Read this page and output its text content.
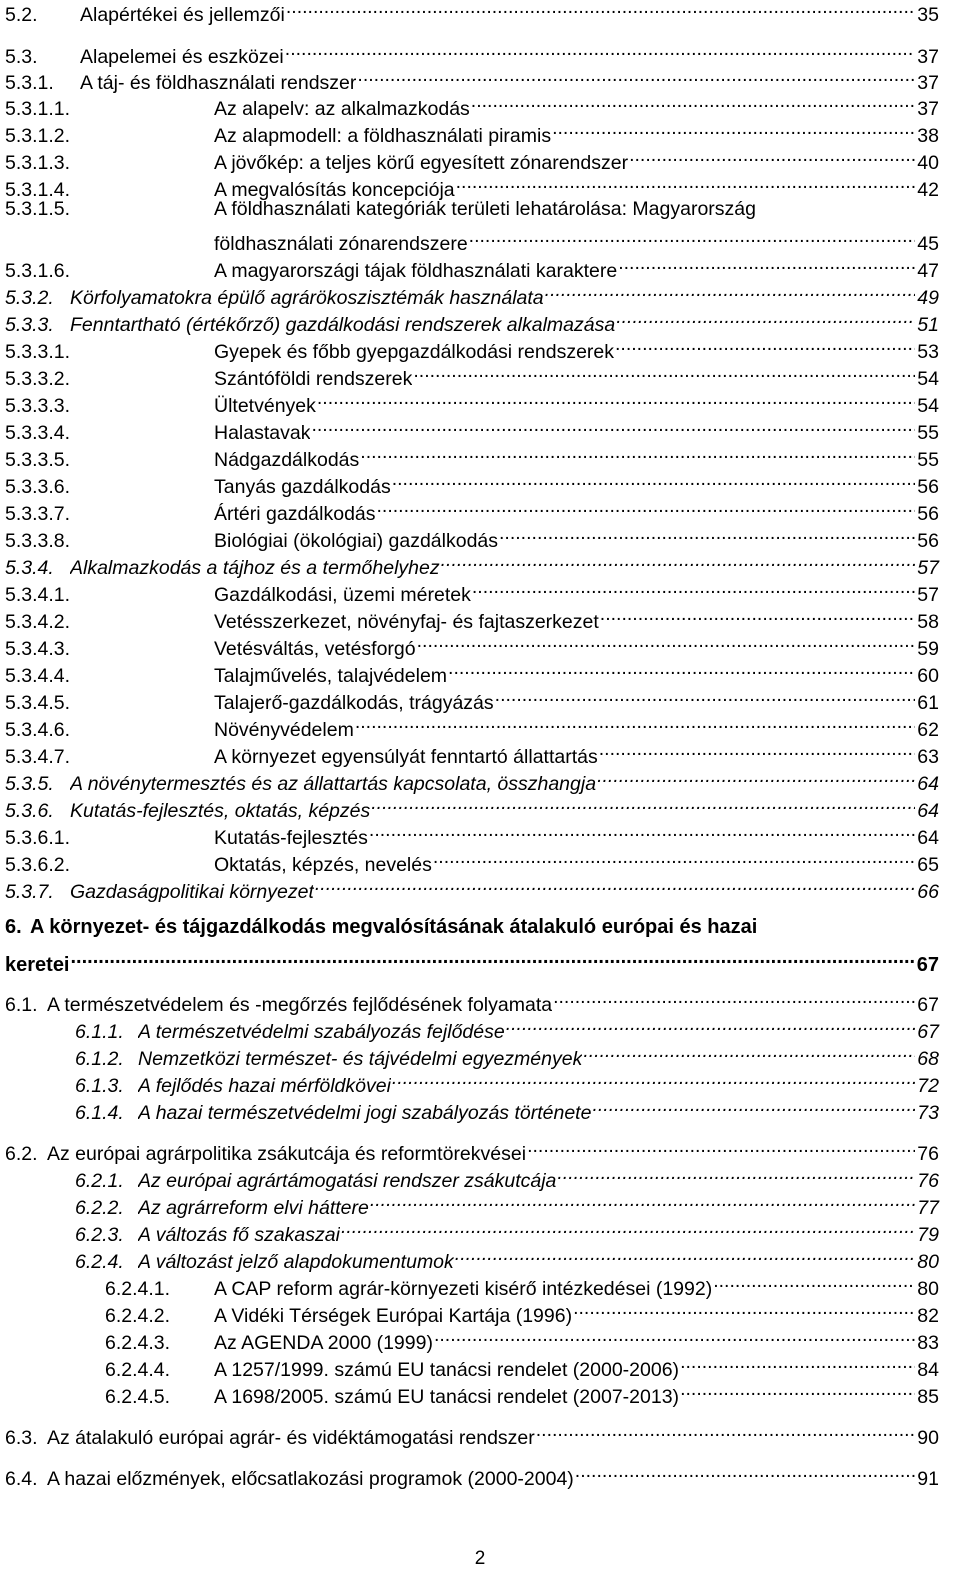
5.2.	Alapértékei és jellemzői .....	35
5.3.	Alapelemei és eszközei .....	37
5.3.1.	A táj- és földhasználati rendszer .....	37
5.3.1.1.	Az alapelv: az alkalmazkodás .....	37
5.3.1.2.	Az alapmodell: a földhasználati piramis .....	38
5.3.1.3.	A jövőkép: a teljes körű egyesített zónarendszer .....	40
5.3.1.4.	A megvalósítás koncepciója .....	42
5.3.1.5.	A földhasználati kategóriák területi lehatárolása: Magyarország
földhasználati zónarendszere .....	45
5.3.1.6.	A magyarországi tájak földhasználati karaktere .....	47
5.3.2. Körfolyamatokra épülő agrárökoszisztémák használata .....	49
5.3.3. Fenntartható (értékőrző) gazdálkodási rendszerek alkalmazása .....	51
5.3.3.1.	Gyepek és főbb gyepgazdálkodási rendszerek .....	53
5.3.3.2.	Szántóföldi rendszerek .....	54
5.3.3.3.	Ültetvények .....	54
5.3.3.4.	Halastavak .....	55
5.3.3.5.	Nádgazdálkodás .....	55
5.3.3.6.	Tanyás gazdálkodás .....	56
5.3.3.7.	Ártéri gazdálkodás .....	56
5.3.3.8.	Biológiai (ökológiai) gazdálkodás .....	56
5.3.4. Alkalmazkodás a tájhoz és a termőhelyhez .....	57
5.3.4.1.	Gazdálkodási, üzemi méretek .....	57
5.3.4.2.	Vetésszerkezet, növényfaj- és fajtaszerkezet .....	58
5.3.4.3.	Vetésváltás, vetésforgó .....	59
5.3.4.4.	Talajművelés, talajvédelem .....	60
5.3.4.5.	Talajerő-gazdálkodás, trágyázás .....	61
5.3.4.6.	Növényvédelem .....	62
5.3.4.7.	A környezet egyensúlyát fenntartó állattartás .....	63
5.3.5. A növénytermesztés és az állattartás kapcsolata, összhangja .....	64
5.3.6. Kutatás-fejlesztés, oktatás, képzés .....	64
5.3.6.1.	Kutatás-fejlesztés .....	64
5.3.6.2.	Oktatás, képzés, nevelés .....	65
5.3.7. Gazdaságpolitikai környezet .....	66
6. A környezet- és tájgazdálkodás megvalósításának átalakuló európai és hazai
keretei .....	67
6.1. A természetvédelem és -megőrzés fejlődésének folyamata .....	67
6.1.1. A természetvédelmi szabályozás fejlődése .....	67
6.1.2. Nemzetközi természet- és tájvédelmi egyezmények .....	68
6.1.3. A fejlődés hazai mérföldkövei .....	72
6.1.4. A hazai természetvédelmi jogi szabályozás története .....	73
6.2. Az európai agrárpolitika zsákutcája és reformtörekvései .....	76
6.2.1. Az európai agrártámogatási rendszer zsákutcája .....	76
6.2.2. Az agrárreform elvi háttere .....	77
6.2.3. A változás fő szakaszai .....	79
6.2.4. A változást jelző alapdokumentumok .....	80
6.2.4.1.	A CAP reform agrár-környezeti kisérő intézkedései (1992) .....	80
6.2.4.2.	A Vidéki Térségek Európai Kartája (1996) .....	82
6.2.4.3.	Az AGENDA 2000 (1999) .....	83
6.2.4.4.	A 1257/1999. számú EU tanácsi rendelet (2000-2006) .....	84
6.2.4.5.	A 1698/2005. számú EU tanácsi rendelet (2007-2013) .....	85
6.3. Az átalakuló európai agrár- és vidéktámogatási rendszer .....	90
6.4. A hazai előzmények, előcsatlakozási programok (2000-2004) .....	91
2
